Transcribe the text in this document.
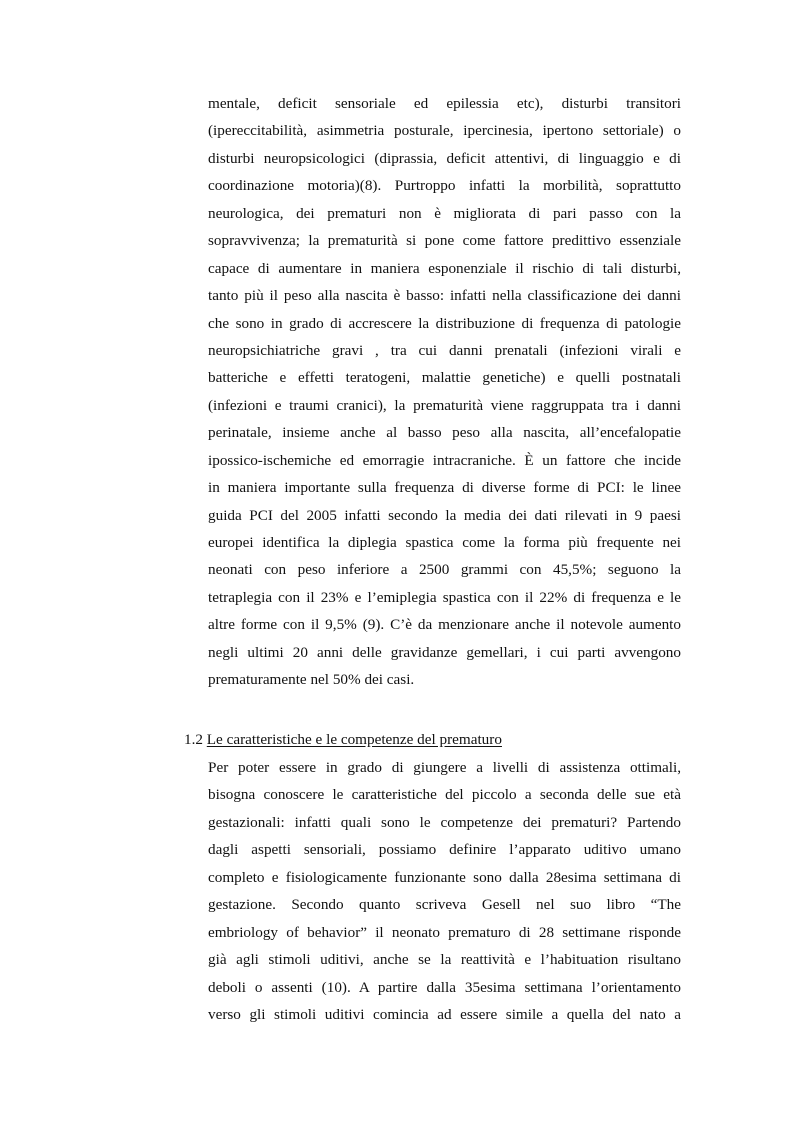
mentale, deficit sensoriale ed epilessia etc), disturbi transitori
(ipereccitabilità, asimmetria posturale, ipercinesia, ipertono settoriale) o
disturbi neuropsicologici (diprassia, deficit attentivi, di linguaggio e di
coordinazione motoria)(8). Purtroppo infatti la morbilità, soprattutto
neurologica, dei prematuri non è migliorata di pari passo con la
sopravvivenza; la prematurità si pone come fattore predittivo essenziale
capace di aumentare in maniera esponenziale il rischio di tali disturbi,
tanto più il peso alla nascita è basso: infatti nella classificazione dei danni
che sono in grado di accrescere la distribuzione di frequenza di patologie
neuropsichiatriche gravi , tra cui danni prenatali (infezioni virali e
batteriche e effetti teratogeni, malattie genetiche) e quelli postnatali
(infezioni e traumi cranici), la prematurità viene raggruppata tra i danni
perinatale, insieme anche al basso peso alla nascita, all’encefalopatie
ipossico-ischemiche ed emorragie intracraniche. È un fattore che incide
in maniera importante sulla frequenza di diverse forme di PCI: le linee
guida PCI del 2005 infatti secondo la media dei dati rilevati in 9 paesi
europei identifica la diplegia spastica come la forma più frequente nei
neonati con peso inferiore a 2500 grammi con 45,5%; seguono la
tetraplegia con il 23% e l’emiplegia spastica con il 22% di frequenza e le
altre forme con il 9,5% (9). C’è da menzionare anche il notevole aumento
negli ultimi 20 anni delle gravidanze gemellari, i cui parti avvengono
prematuramente nel 50% dei casi.
1.2 Le caratteristiche e le competenze del prematuro
Per poter essere in grado di giungere a livelli di assistenza ottimali,
bisogna conoscere le caratteristiche del piccolo a seconda delle sue età
gestazionali: infatti quali sono le competenze dei prematuri? Partendo
dagli aspetti sensoriali, possiamo definire l’apparato uditivo umano
completo e fisiologicamente funzionante sono dalla 28esima settimana di
gestazione. Secondo quanto scriveva Gesell nel suo libro “The
embriology of behavior” il neonato prematuro di 28 settimane risponde
già agli stimoli uditivi, anche se la reattività e l’habituation risultano
deboli o assenti (10). A partire dalla 35esima settimana l’orientamento
verso gli stimoli uditivi comincia ad essere simile a quella del nato a
